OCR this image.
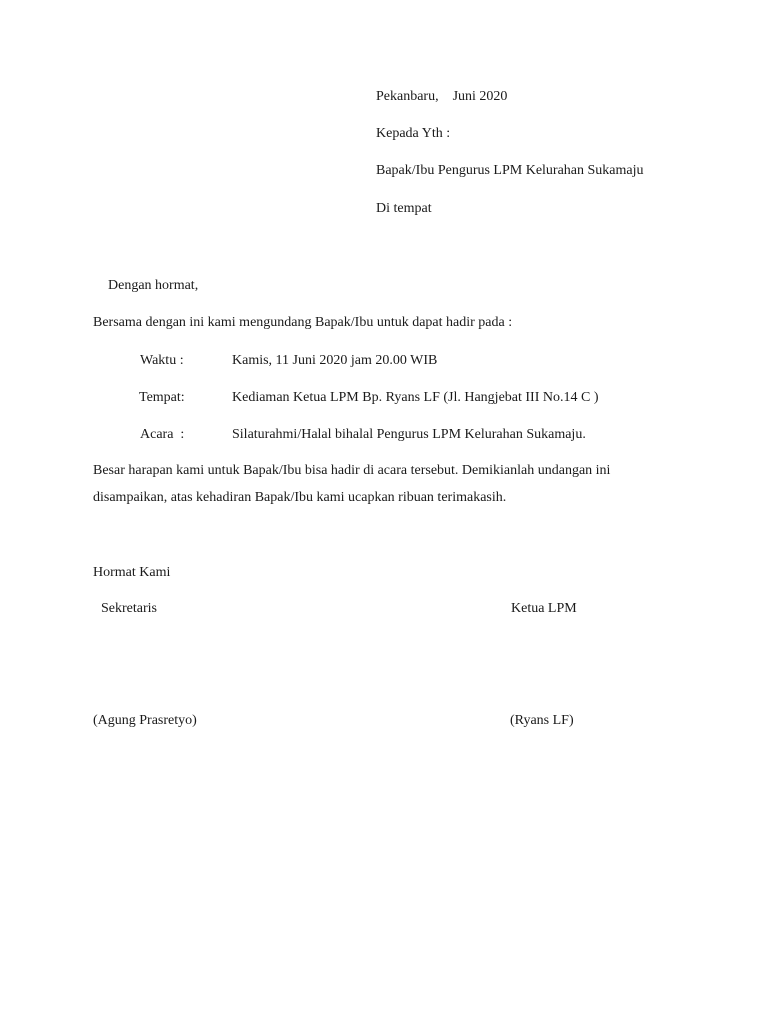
Pekanbaru,    Juni 2020
Kepada Yth :
Bapak/Ibu Pengurus LPM Kelurahan Sukamaju
Di tempat
Dengan hormat,
Bersama dengan ini kami mengundang Bapak/Ibu untuk dapat hadir pada :
Waktu :	Kamis, 11 Juni 2020 jam 20.00 WIB
Tempat:	Kediaman Ketua LPM Bp. Ryans LF (Jl. Hangjebat III No.14 C )
Acara  :	Silaturahmi/Halal bihalal Pengurus LPM Kelurahan Sukamaju.
Besar harapan kami untuk Bapak/Ibu bisa hadir di acara tersebut. Demikianlah undangan ini
disampaikan, atas kehadiran Bapak/Ibu kami ucapkan ribuan terimakasih.
Hormat Kami
Sekretaris	Ketua LPM
(Agung Prasretyo)	(Ryans LF)
